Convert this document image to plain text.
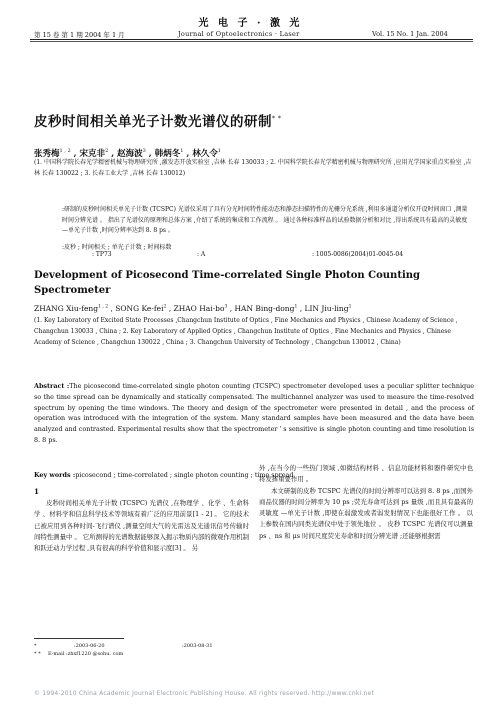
光 电 子 · 激 光
第 15 卷 第 1 期 2004 年 1 月	Journal of Optoelectronics · Laser	Vol. 15 No. 1 Jan. 2004
皮秒时间相关单光子计数光谱仪的研制* *
张秀梅$^{1 , 2}$ , 宋克非$^2$ , 赵海波$^3$ , 韩炳冬$^1$ , 林久令$^1$
(1. 中国科学院长春光学精密机械与物理研究所 ,激发态开放实验室 ,吉林 长春 130033 ; 2. 中国科学院长春光学精密机械与物理研究所 ,应用光学国家重点实验室 ,吉林 长春 130022 ; 3. 长春工业大学 ,吉林 长春 130012)
:研制的皮秒时间相关单光子计数 (TCSPC) 光谱仪采用了具有分光时间特性能动态和静态扫描特性的光栅分光系统 ,利用多通道分析仪开设时间窗口 ,测量时间分辨光谱 。 指出了光谱仪的原理和总体方案 ,介绍了系统的集成和工作流程 。 通过各种标准样品的试验数据分析和对比 ,得出系统具有最高的灵敏度 —单光子计数 ,时间分辨率达到 8. 8 ps 。
:皮秒 ; 时间相关 ; 单光子计数 ; 时间标数
: TP73	: A	: 1005-0086(2004)01-0045-04
Development of Picosecond Time-correlated Single Photon Counting Spectrometer
ZHANG Xiu-feng$^{1 , 2}$ , SONG Ke-fei$^2$ , ZHAO Hai-$bo^3$ , HAN Bing-dong$^1$ , LIN Jiu-ling$^1$
(1. Key Laboratory of Excited State Processes ,Changchun Institute of Optics , Fine Mechanics and Physics , Chinese Academy of Science , Changchun 130033 , China ; 2. Key Laboratory of Applied Optics , Changchun Institute of Optics , Fine Mechanics and Physics , Chinese Academy of Science , Changchun 130022 , China ; 3. Changchun University of Technology , Changchun 130012 , China)
Abstract :The picosecond time-correlated single photon counting (TCSPC) spectrometer developed uses a peculiar splitter technique so the time spread can be dynamically and statically compensated. The multichannel analyzer was used to measure the time-resolved spectrum by opening the time windows. The theory and design of the spectrometer were presented in detail , and the process of operation was introduced with the integration of the system. Many standard samples have been measured and the data have been analyzed and contrasted. Experimental results show that the spectrometer ' s sensitive is single photon counting and time resolution is 8. 8 ps.
Key words :picosecond ; time-correlated ; single photon counting ; time spread
1
皮秒时间相关单光子计数 (TCSPC) 光谱仪 ,在物理学 、化学 、生命科学 、材料学和信息科学技术等领域有着广泛的应用前景[1 - 2] 。 它的技术已被应用到各种时间-飞行谱仪 ,测量空间大气的光雷达及光通讯信号传输时间特性测量中 。 它所测得的光谱数据能够深入揭示物质内部的微观作用机制和跃迁动力学过程 ,具有很高的科学价值和显示度[3] 。 另

外 ,在当今的一些热门领域 ,如微结构材料 、信息功能材料和器件研究中也将发挥重要作用 。

本文研制的皮秒 TCSPC 光谱仪的时间分辨率可以达到 8. 8 ps ,而国外商品仪器的时间分辨率为 10 ps ;荧光寿命可达到 ps 量级 ,而且具有最高的灵敏度 —单光子计数 ,即使在弱激发或者弱发射情况下也能很好工作 。 以上参数在国内同类光谱仪中处于领先地位 。 皮秒 TCSPC 光谱仪可以测量 ps 、ns 和 μs 时间尺度荧光寿命和时间分辨光谱 ;还能够根据需

*	:2003-06-20	:2003-08-31
* * E-mail :zhxf1220 @sohu. com
© 1994-2010 China Academic Journal Electronic Publishing House. All rights reserved. http://www.cnki.net
